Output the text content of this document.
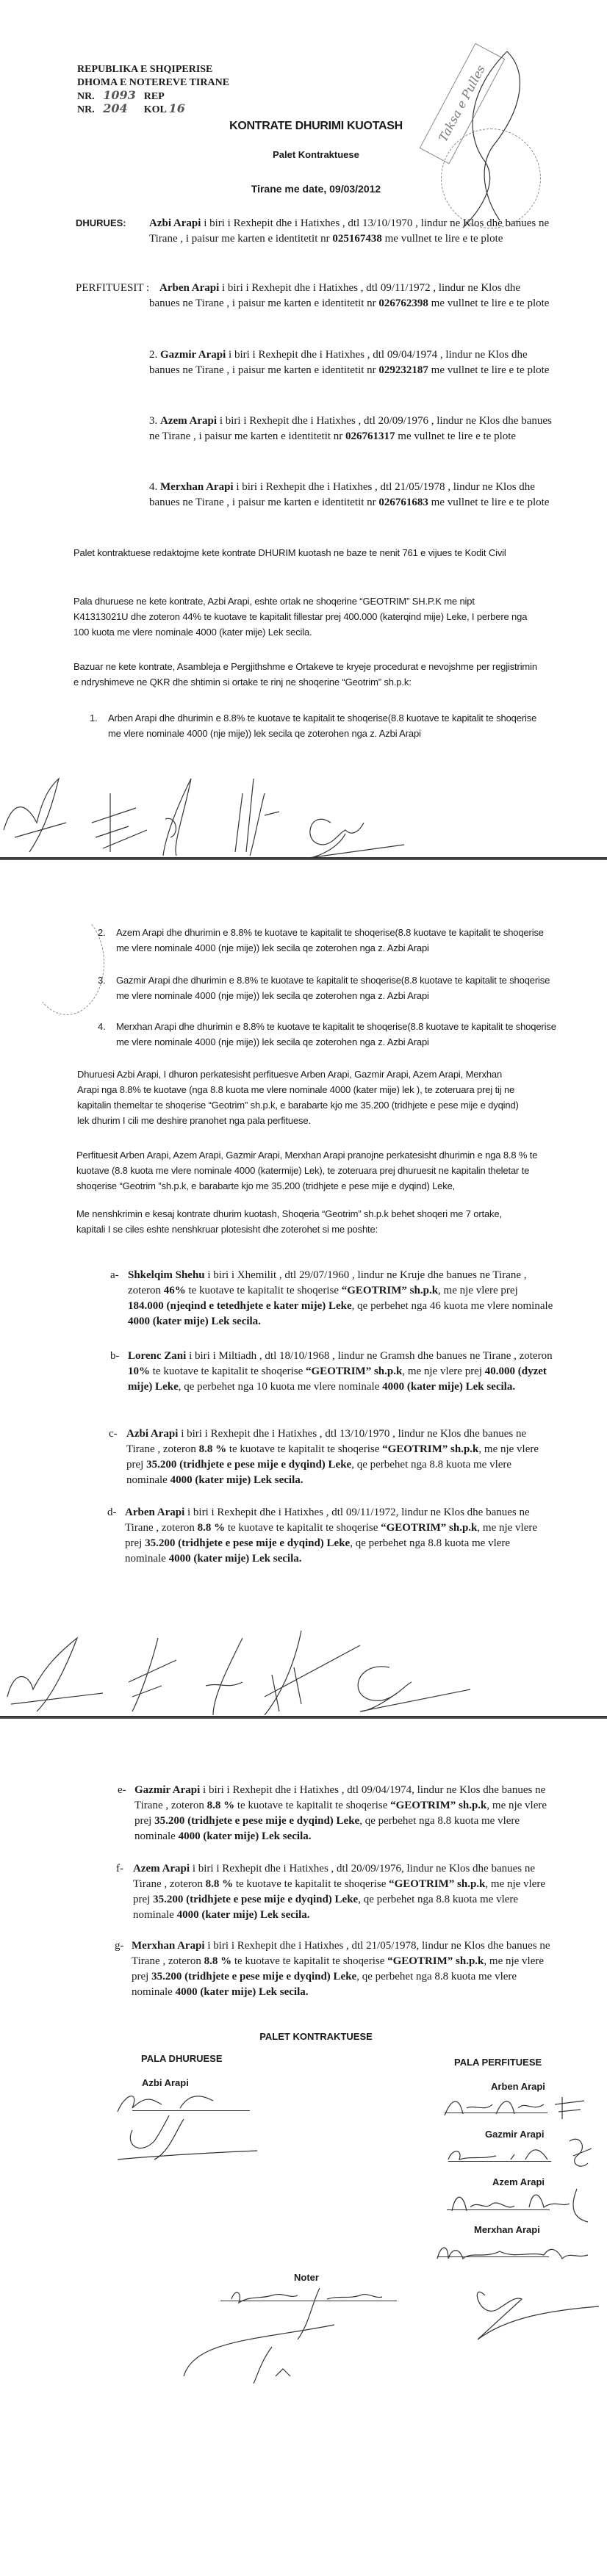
REPUBLIKA E SHQIPERISE
DHOMA E NOTEREVE TIRANE
NR. 1093 REP
NR. 204 KOL 16	Taksa e Pulles
KONTRATE DHURIMI KUOTASH
Palet Kontraktuese
Tirane me date, 09/03/2012
DHURUES: Azbi Arapi i biri i Rexhepit dhe i Hatixhes , dtl 13/10/1970 , lindur ne Klos dhe banues ne Tirane , i paisur me karten e identitetit nr 025167438 me vullnet te lire e te plote
PERFITUESIT : Arben Arapi i biri i Rexhepit dhe i Hatixhes , dtl 09/11/1972 , lindur ne Klos dhe banues ne Tirane , i paisur me karten e identitetit nr 026762398 me vullnet te lire e te plote
2. Gazmir Arapi i biri i Rexhepit dhe i Hatixhes , dtl 09/04/1974 , lindur ne Klos dhe banues ne Tirane , i paisur me karten e identitetit nr 029232187 me vullnet te lire e te plote
3. Azem Arapi i biri i Rexhepit dhe i Hatixhes , dtl 20/09/1976 , lindur ne Klos dhe banues ne Tirane , i paisur me karten e identitetit nr 026761317 me vullnet te lire e te plote
4. Merxhan Arapi i biri i Rexhepit dhe i Hatixhes , dtl 21/05/1978 , lindur ne Klos dhe banues ne Tirane , i paisur me karten e identitetit nr 026761683 me vullnet te lire e te plote
Palet kontraktuese redaktojme kete kontrate DHURIM kuotash ne baze te nenit 761 e vijues te Kodit Civil
Pala dhuruese ne kete kontrate, Azbi Arapi, eshte ortak ne shoqerine “GEOTRIM” SH.P.K me nipt K41313021U dhe zoteron 44% te kuotave te kapitalit fillestar prej 400.000 (katerqind mije) Leke, I perbere nga 100 kuota me vlere nominale 4000 (kater mije) Lek secila.
Bazuar ne kete kontrate, Asambleja e Pergjithshme e Ortakeve te kryeje procedurat e nevojshme per regjistrimin e ndryshimeve ne QKR dhe shtimin si ortake te rinj ne shoqerine “Geotrim” sh.p.k:
1. Arben Arapi dhe dhurimin e 8.8% te kuotave te kapitalit te shoqerise(8.8 kuotave te kapitalit te shoqerise me vlere nominale 4000 (nje mije)) lek secila qe zoterohen nga z. Azbi Arapi
2. Azem Arapi dhe dhurimin e 8.8% te kuotave te kapitalit te shoqerise(8.8 kuotave te kapitalit te shoqerise me vlere nominale 4000 (nje mije)) lek secila qe zoterohen nga z. Azbi Arapi
3. Gazmir Arapi dhe dhurimin e 8.8% te kuotave te kapitalit te shoqerise(8.8 kuotave te kapitalit te shoqerise me vlere nominale 4000 (nje mije)) lek secila qe zoterohen nga z. Azbi Arapi
4. Merxhan Arapi dhe dhurimin e 8.8% te kuotave te kapitalit te shoqerise(8.8 kuotave te kapitalit te shoqerise me vlere nominale 4000 (nje mije)) lek secila qe zoterohen nga z. Azbi Arapi
Dhuruesi Azbi Arapi, I dhuron perkatesisht perfituesve Arben Arapi, Gazmir Arapi, Azem Arapi, Merxhan Arapi nga 8.8% te kuotave (nga 8.8 kuota me vlere nominale 4000 (kater mije) lek ), te zoteruara prej tij ne kapitalin themeltar te shoqerise “Geotrim” sh.p.k, e barabarte kjo me 35.200 (tridhjete e pese mije e dyqind) lek dhurim I cili me deshire pranohet nga pala perfituese.
Perfituesit Arben Arapi, Azem Arapi, Gazmir Arapi, Merxhan Arapi pranojne perkatesisht dhurimin e nga 8.8 % te kuotave (8.8 kuota me vlere nominale 4000 (katermije) Lek), te zoteruara prej dhuruesit ne kapitalin theletar te shoqerise “Geotrim ”sh.p.k, e barabarte kjo me 35.200 (tridhjete e pese mije e dyqind) Leke,
Me nenshkrimin e kesaj kontrate dhurim kuotash, Shoqeria “Geotrim” sh.p.k behet shoqeri me 7 ortake, kapitali I se ciles eshte nenshkruar plotesisht dhe zoterohet si me poshte:
a- Shkelqim Shehu i biri i Xhemilit , dtl 29/07/1960 , lindur ne Kruje dhe banues ne Tirane , zoteron 46% te kuotave te kapitalit te shoqerise “GEOTRIM” sh.p.k, me nje vlere prej 184.000 (njeqind e tetedhjete e kater mije) Leke, qe perbehet nga 46 kuota me vlere nominale 4000 (kater mije) Lek secila.
b- Lorenc Zani i biri i Miltiadh , dtl 18/10/1968 , lindur ne Gramsh dhe banues ne Tirane , zoteron 10% te kuotave te kapitalit te shoqerise “GEOTRIM” sh.p.k, me nje vlere prej 40.000 (dyzet mije) Leke, qe perbehet nga 10 kuota me vlere nominale 4000 (kater mije) Lek secila.
c- Azbi Arapi i biri i Rexhepit dhe i Hatixhes , dtl 13/10/1970 , lindur ne Klos dhe banues ne Tirane , zoteron 8.8 % te kuotave te kapitalit te shoqerise “GEOTRIM” sh.p.k, me nje vlere prej 35.200 (tridhjete e pese mije e dyqind) Leke, qe perbehet nga 8.8 kuota me vlere nominale 4000 (kater mije) Lek secila.
d- Arben Arapi i biri i Rexhepit dhe i Hatixhes , dtl 09/11/1972, lindur ne Klos dhe banues ne Tirane , zoteron 8.8 % te kuotave te kapitalit te shoqerise “GEOTRIM” sh.p.k, me nje vlere prej 35.200 (tridhjete e pese mije e dyqind) Leke, qe perbehet nga 8.8 kuota me vlere nominale 4000 (kater mije) Lek secila.
e- Gazmir Arapi i biri i Rexhepit dhe i Hatixhes , dtl 09/04/1974, lindur ne Klos dhe banues ne Tirane , zoteron 8.8 % te kuotave te kapitalit te shoqerise “GEOTRIM” sh.p.k, me nje vlere prej 35.200 (tridhjete e pese mije e dyqind) Leke, qe perbehet nga 8.8 kuota me vlere nominale 4000 (kater mije) Lek secila.
f- Azem Arapi i biri i Rexhepit dhe i Hatixhes , dtl 20/09/1976, lindur ne Klos dhe banues ne Tirane , zoteron 8.8 % te kuotave te kapitalit te shoqerise “GEOTRIM” sh.p.k, me nje vlere prej 35.200 (tridhjete e pese mije e dyqind) Leke, qe perbehet nga 8.8 kuota me vlere nominale 4000 (kater mije) Lek secila.
g- Merxhan Arapi i biri i Rexhepit dhe i Hatixhes , dtl 21/05/1978, lindur ne Klos dhe banues ne Tirane , zoteron 8.8 % te kuotave te kapitalit te shoqerise “GEOTRIM” sh.p.k, me nje vlere prej 35.200 (tridhjete e pese mije e dyqind) Leke, qe perbehet nga 8.8 kuota me vlere nominale 4000 (kater mije) Lek secila.
PALET KONTRAKTUESE
PALA DHURUESE	PALA PERFITUESE
Azbi Arapi	Arben Arapi
Gazmir Arapi
Azem Arapi
Merxhan Arapi
Noter
